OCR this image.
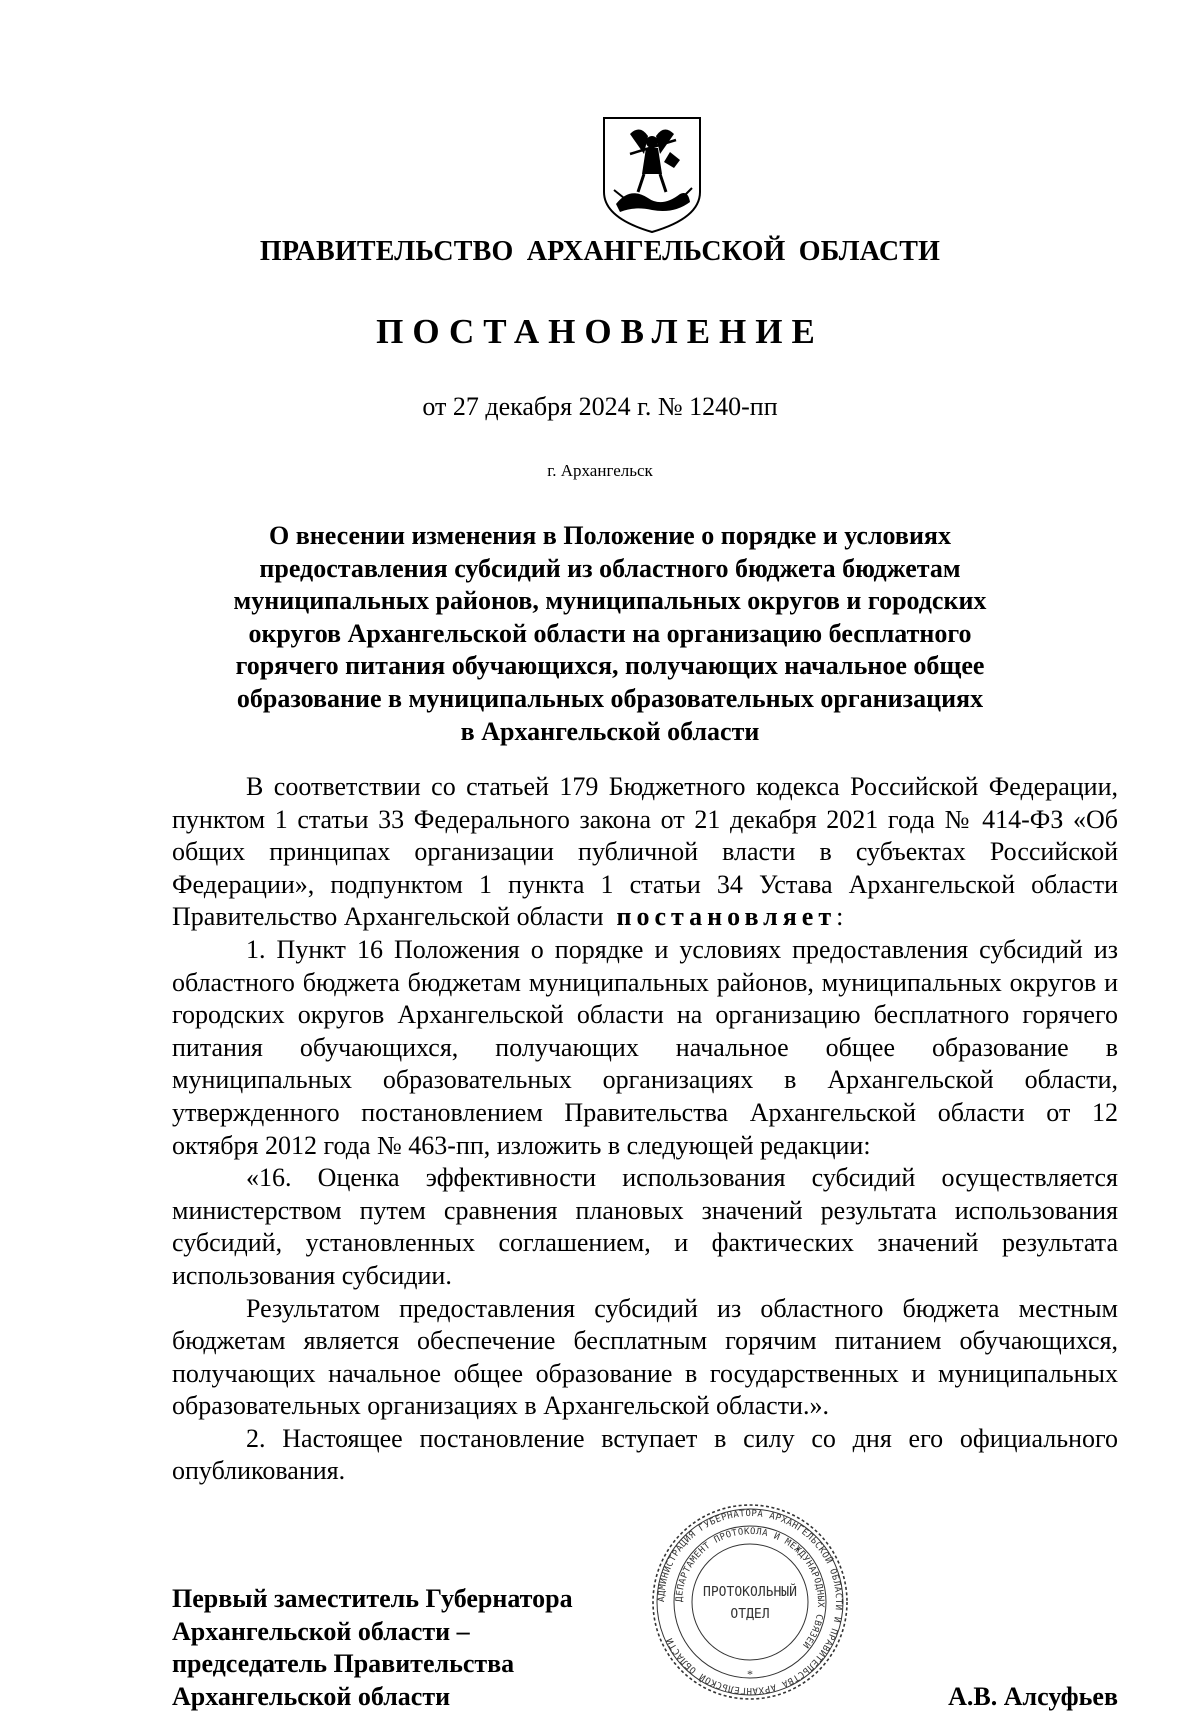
ПРАВИТЕЛЬСТВО АРХАНГЕЛЬСКОЙ ОБЛАСТИ
ПОСТАНОВЛЕНИЕ
от 27 декабря 2024 г. № 1240-пп
г. Архангельск
О внесении изменения в Положение о порядке и условиях
предоставления субсидий из областного бюджета бюджетам
муниципальных районов, муниципальных округов и городских
округов Архангельской области на организацию бесплатного
горячего питания обучающихся, получающих начальное общее
образование в муниципальных образовательных организациях
в Архангельской области

В соответствии со статьей 179 Бюджетного кодекса Российской Федерации, пунктом 1 статьи 33 Федерального закона от 21 декабря 2021 года № 414-ФЗ «Об общих принципах организации публичной власти в субъектах Российской Федерации», подпунктом 1 пункта 1 статьи 34 Устава Архангельской области Правительство Архангельской области постановляет:

1. Пункт 16 Положения о порядке и условиях предоставления субсидий из областного бюджета бюджетам муниципальных районов, муниципальных округов и городских округов Архангельской области на организацию бесплатного горячего питания обучающихся, получающих начальное общее образование в муниципальных образовательных организациях в Архангельской области, утвержденного постановлением Правительства Архангельской области от 12 октября 2012 года № 463-пп, изложить в следующей редакции:

«16. Оценка эффективности использования субсидий осуществляется министерством путем сравнения плановых значений результата использования субсидий, установленных соглашением, и фактических значений результата использования субсидии.

Результатом предоставления субсидий из областного бюджета местным бюджетам является обеспечение бесплатным горячим питанием обучающихся, получающих начальное общее образование в государственных и муниципальных образовательных организациях в Архангельской области.».

2. Настоящее постановление вступает в силу со дня его официального опубликования.

АДМИНИСТРАЦИЯ ГУБЕРНАТОРА АРХАНГЕЛЬСКОЙ ОБЛАСТИ И ПРАВИТЕЛЬСТВА АРХАНГЕЛЬСКОЙ ОБЛАСТИ
ДЕПАРТАМЕНТ ПРОТОКОЛА И МЕЖДУНАРОДНЫХ СВЯЗЕЙ
ПРОТОКОЛЬНЫЙ
ОТДЕЛ
*
Первый заместитель Губернатора
Архангельской области –
председатель Правительства
Архангельской области	А.В. Алсуфьев
